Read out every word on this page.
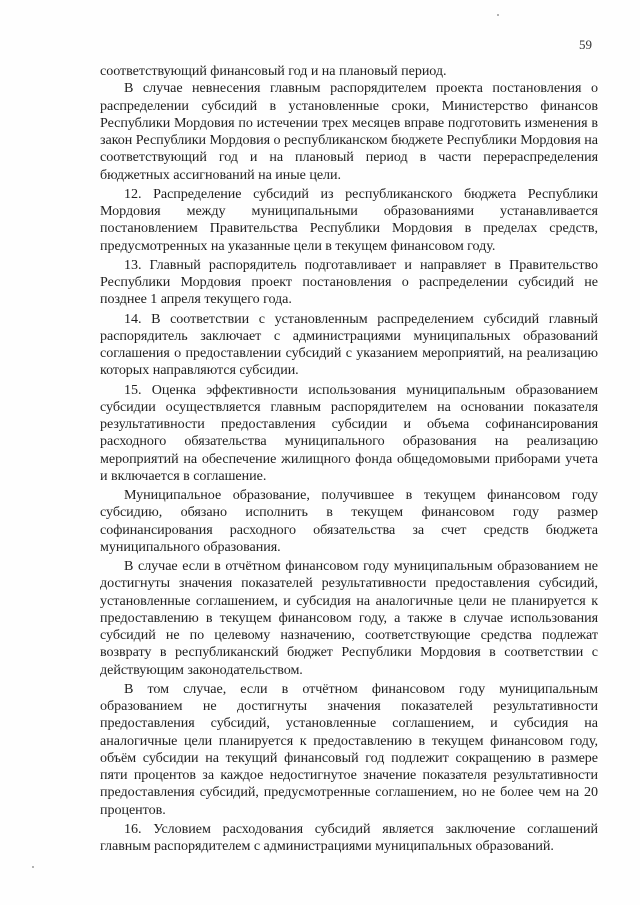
59

соответствующий финансовый год и на плановый период.

В случае невнесения главным распорядителем проекта постановления о распределении субсидий в установленные сроки, Министерство финансов Республики Мордовия по истечении трех месяцев вправе подготовить изменения в закон Республики Мордовия о республиканском бюджете Республики Мордовия на соответствующий год и на плановый период в части перераспределения бюджетных ассигнований на иные цели.

12. Распределение субсидий из республиканского бюджета Республики Мордовия между муниципальными образованиями устанавливается постановлением Правительства Республики Мордовия в пределах средств, предусмотренных на указанные цели в текущем финансовом году.

13. Главный распорядитель подготавливает и направляет в Правительство Республики Мордовия проект постановления о распределении субсидий не позднее 1 апреля текущего года.

14. В соответствии с установленным распределением субсидий главный распорядитель заключает с администрациями муниципальных образований соглашения о предоставлении субсидий с указанием мероприятий, на реализацию которых направляются субсидии.

15. Оценка эффективности использования муниципальным образованием субсидии осуществляется главным распорядителем на основании показателя результативности предоставления субсидии и объема софинансирования расходного обязательства муниципального образования на реализацию мероприятий на обеспечение жилищного фонда общедомовыми приборами учета и включается в соглашение.

Муниципальное образование, получившее в текущем финансовом году субсидию, обязано исполнить в текущем финансовом году размер софинансирования расходного обязательства за счет средств бюджета муниципального образования.

В случае если в отчётном финансовом году муниципальным образованием не достигнуты значения показателей результативности предоставления субсидий, установленные соглашением, и субсидия на аналогичные цели не планируется к предоставлению в текущем финансовом году, а также в случае использования субсидий не по целевому назначению, соответствующие средства подлежат возврату в республиканский бюджет Республики Мордовия в соответствии с действующим законодательством.

В том случае, если в отчётном финансовом году муниципальным образованием не достигнуты значения показателей результативности предоставления субсидий, установленные соглашением, и субсидия на аналогичные цели планируется к предоставлению в текущем финансовом году, объём субсидии на текущий финансовый год подлежит сокращению в размере пяти процентов за каждое недостигнутое значение показателя результативности предоставления субсидий, предусмотренные соглашением, но не более чем на 20 процентов.

16. Условием расходования субсидий является заключение соглашений главным распорядителем с администрациями муниципальных образований.
